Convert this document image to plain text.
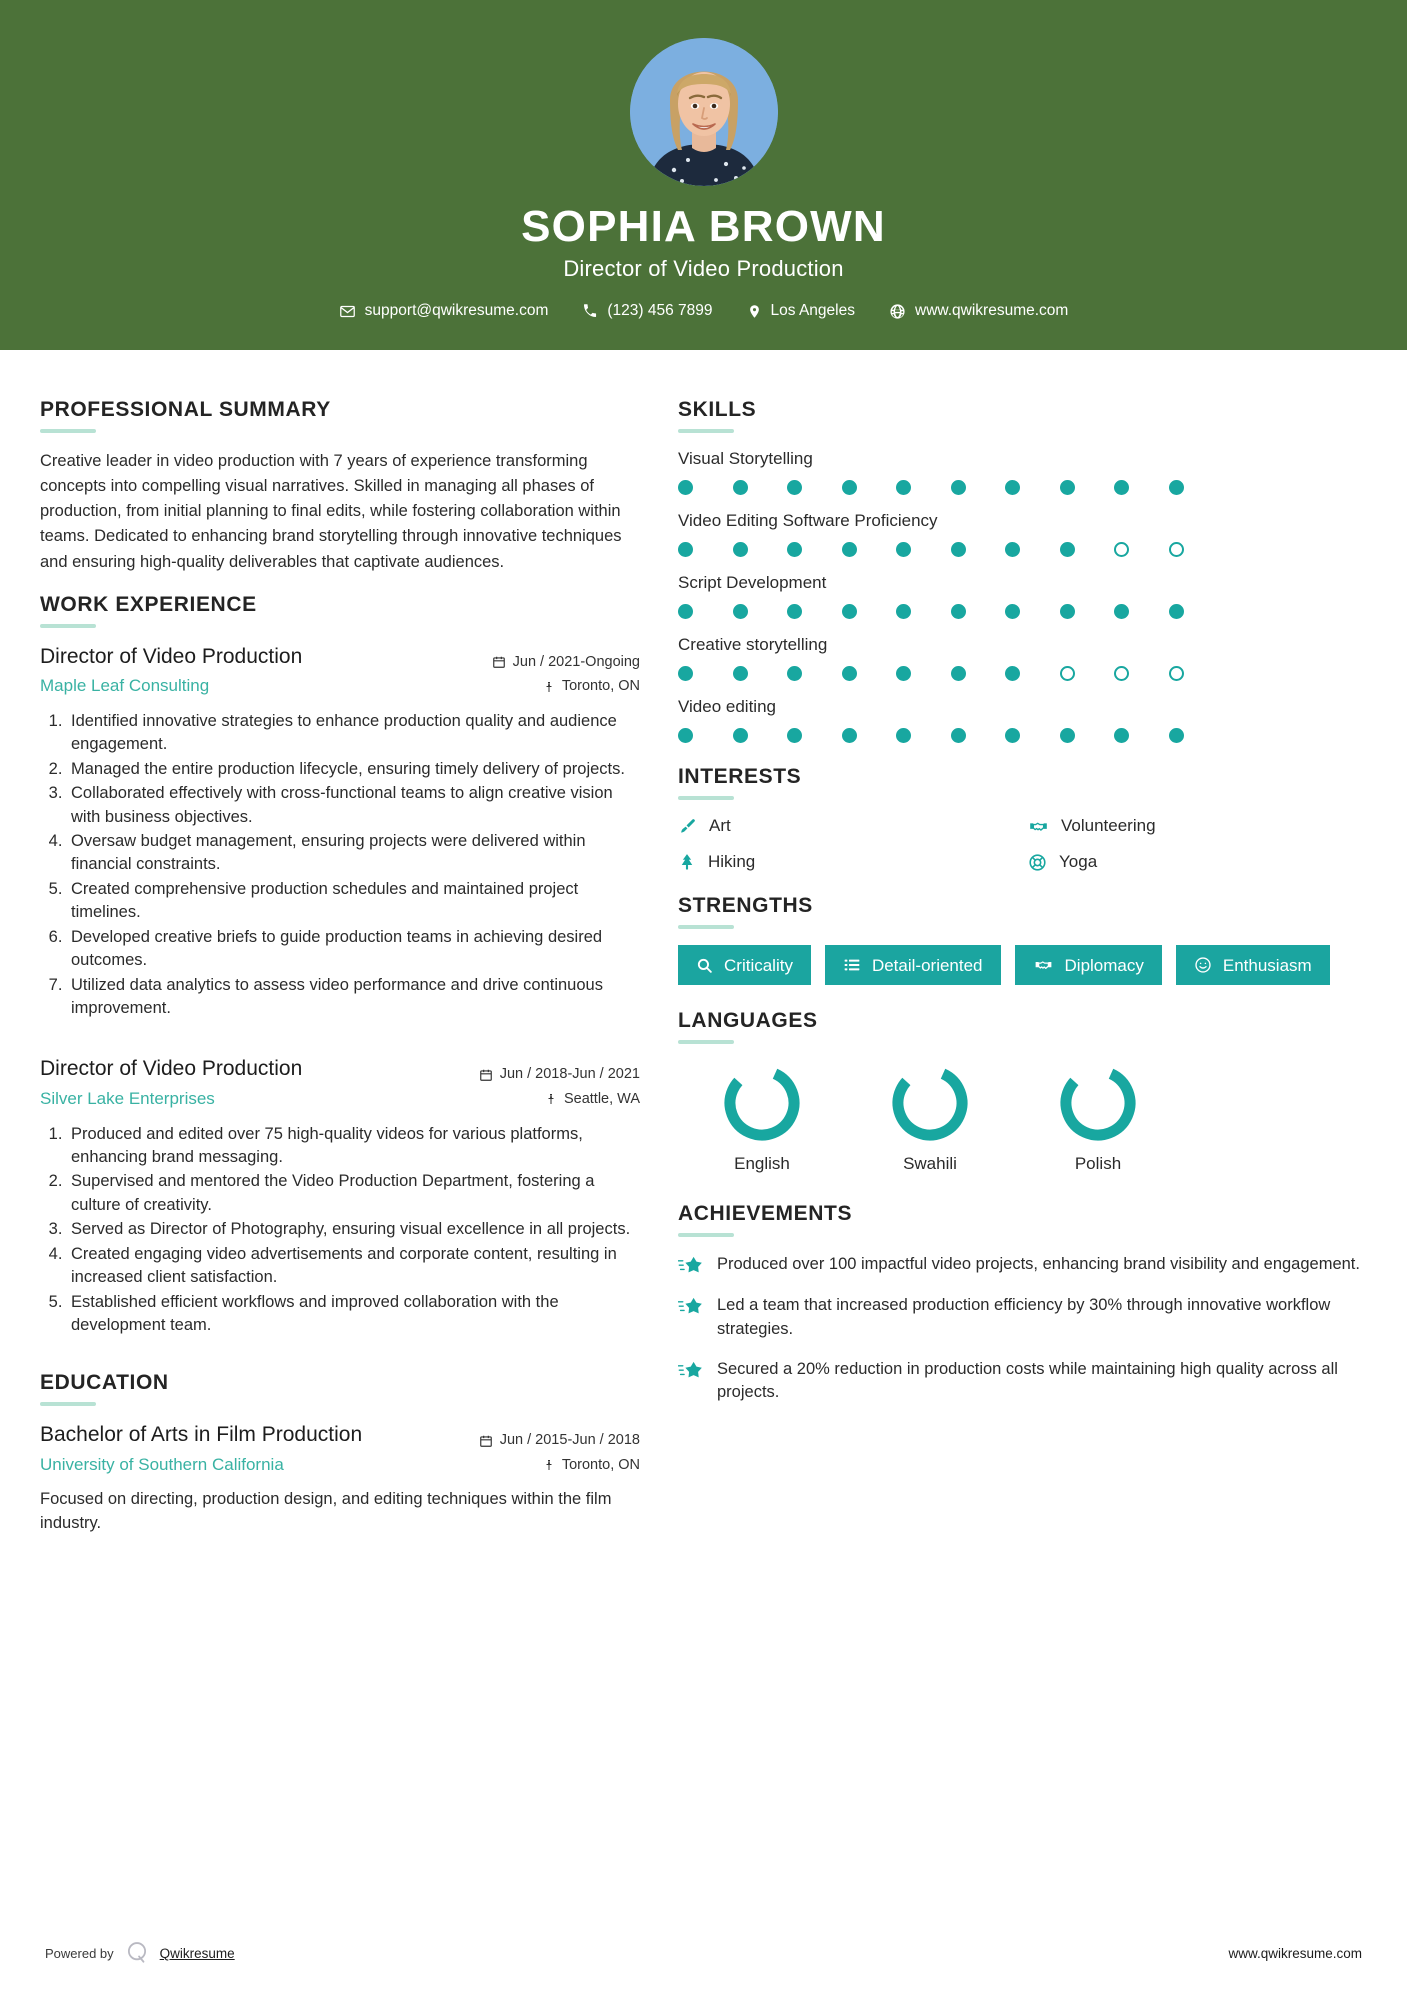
SOPHIA BROWN
Director of Video Production
support@qwikresume.com	(123) 456 7899	Los Angeles	www.qwikresume.com
PROFESSIONAL SUMMARY
Creative leader in video production with 7 years of experience transforming concepts into compelling visual narratives. Skilled in managing all phases of production, from initial planning to final edits, while fostering collaboration within teams. Dedicated to enhancing brand storytelling through innovative techniques and ensuring high-quality deliverables that captivate audiences.
WORK EXPERIENCE
Director of Video Production
Maple Leaf Consulting
Jun / 2021-Ongoing
Toronto, ON
1. Identified innovative strategies to enhance production quality and audience engagement.
2. Managed the entire production lifecycle, ensuring timely delivery of projects.
3. Collaborated effectively with cross-functional teams to align creative vision with business objectives.
4. Oversaw budget management, ensuring projects were delivered within financial constraints.
5. Created comprehensive production schedules and maintained project timelines.
6. Developed creative briefs to guide production teams in achieving desired outcomes.
7. Utilized data analytics to assess video performance and drive continuous improvement.
Director of Video Production
Silver Lake Enterprises
Jun / 2018-Jun / 2021
Seattle, WA
1. Produced and edited over 75 high-quality videos for various platforms, enhancing brand messaging.
2. Supervised and mentored the Video Production Department, fostering a culture of creativity.
3. Served as Director of Photography, ensuring visual excellence in all projects.
4. Created engaging video advertisements and corporate content, resulting in increased client satisfaction.
5. Established efficient workflows and improved collaboration with the development team.
EDUCATION
Bachelor of Arts in Film Production
University of Southern California
Jun / 2015-Jun / 2018
Toronto, ON
Focused on directing, production design, and editing techniques within the film industry.
SKILLS
Visual Storytelling
Video Editing Software Proficiency
Script Development
Creative storytelling
Video editing
INTERESTS
Art	Volunteering
Hiking	Yoga
STRENGTHS
Criticality	Detail-oriented	Diplomacy	Enthusiasm
LANGUAGES
English	Swahili	Polish
ACHIEVEMENTS
Produced over 100 impactful video projects, enhancing brand visibility and engagement.
Led a team that increased production efficiency by 30% through innovative workflow strategies.
Secured a 20% reduction in production costs while maintaining high quality across all projects.
Powered by	Qwikresume	www.qwikresume.com
